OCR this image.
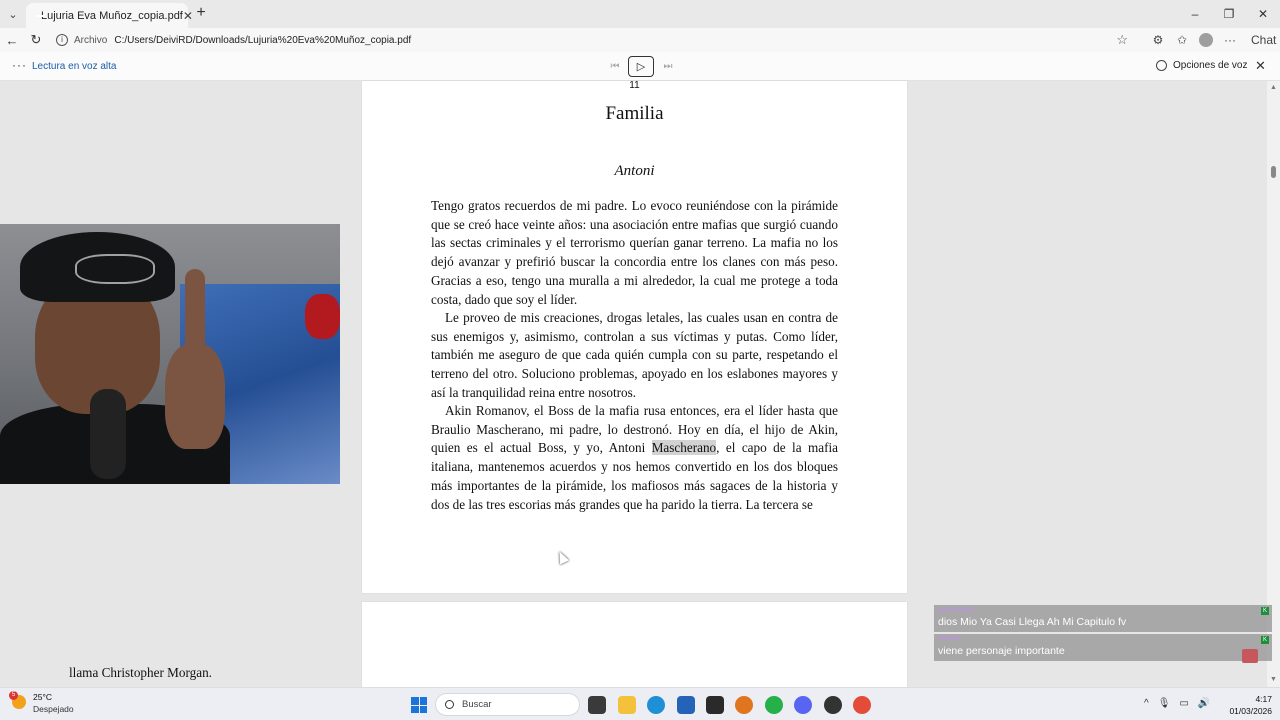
⌄	Lujuria Eva Muñoz_copia.pdf ✕ +	–	❐	✕
← ↻	i	Archivo C:/Users/DeiviRD/Downloads/Lujuria%20Eva%20Muñoz_copia.pdf	☆	⚙	✩	···	Chat
··· Lectura en voz alta	⏮	▷	⏭	Opciones de voz ✕
11
Familia
Antoni

Tengo gratos recuerdos de mi padre. Lo evoco reuniéndose con la pirámide que se creó hace veinte años: una asociación entre mafias que surgió cuando las sectas criminales y el terrorismo querían ganar terreno. La mafia no los dejó avanzar y prefirió buscar la concordia entre los clanes con más peso. Gracias a eso, tengo una muralla a mi alrededor, la cual me protege a toda costa, dado que soy el líder.

Le proveo de mis creaciones, drogas letales, las cuales usan en contra de sus enemigos y, asimismo, controlan a sus víctimas y putas. Como líder, también me aseguro de que cada quién cumpla con su parte, respetando el terreno del otro. Soluciono problemas, apoyado en los eslabones mayores y así la tranquilidad reina entre nosotros.

Akin Romanov, el Boss de la mafia rusa entonces, era el líder hasta que Braulio Mascherano, mi padre, lo destronó. Hoy en día, el hijo de Akin, quien es el actual Boss, y yo, Antoni Mascherano, el capo de la mafia italiana, mantenemos acuerdos y nos hemos convertido en los dos bloques más importantes de la pirámide, los mafiosos más sagaces de la historia y dos de las tres escorias más grandes que ha parido la tierra. La tercera se

llama Christopher Morgan.
▲
▼
xxxxxxxxxxxx
dios Mio Ya Casi Llega Ah Mi Capitulo fv
K
xxxxxxx
viene personaje importante
K
5	25°C
Despejado	Buscar	^ 🎙 ▭ 🔊	4:17
01/03/2026
